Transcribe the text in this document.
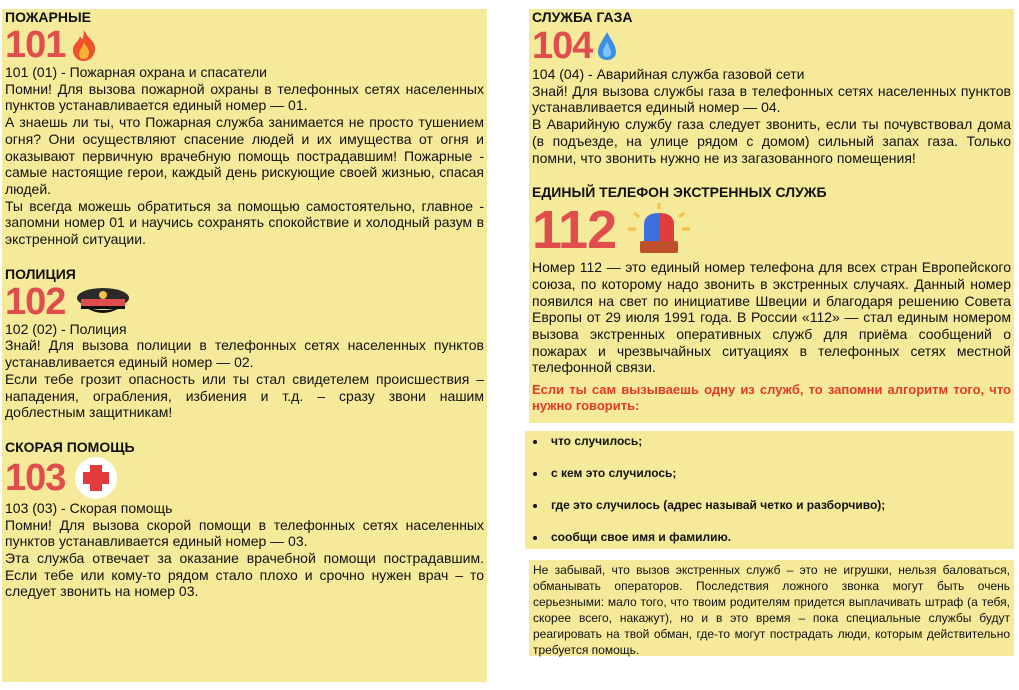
ПОЖАРНЫЕ
101

101 (01) - Пожарная охрана и спасатели

Помни! Для вызова пожарной охраны в телефонных сетях населенных пунктов устанавливается единый номер — 01.

А знаешь ли ты, что Пожарная служба занимается не просто тушением огня? Они осуществляют спасение людей и их имущества от огня и оказывают первичную врачебную помощь пострадавшим! Пожарные - самые настоящие герои, каждый день рискующие своей жизнью, спасая людей.

Ты всегда можешь обратиться за помощью самостоятельно, главное - запомни номер 01 и научись сохранять спокойствие и холодный разум в экстренной ситуации.

ПОЛИЦИЯ
102

102 (02) - Полиция

Знай! Для вызова полиции в телефонных сетях населенных пунктов устанавливается единый номер — 02.

Если тебе грозит опасность или ты стал свидетелем происшествия – нападения, ограбления, избиения и т.д. – сразу звони нашим доблестным защитникам!

СКОРАЯ ПОМОЩЬ
103

103 (03) - Скорая помощь

Помни! Для вызова скорой помощи в телефонных сетях населенных пунктов устанавливается единый номер — 03.

Эта служба отвечает за оказание врачебной помощи пострадавшим. Если тебе или кому-то рядом стало плохо и срочно нужен врач – то следует звонить на номер 03.

СЛУЖБА ГАЗА
104

104 (04) - Аварийная служба газовой сети

Знай! Для вызова службы газа в телефонных сетях населенных пунктов устанавливается единый номер — 04.

В Аварийную службу газа следует звонить, если ты почувствовал дома (в подъезде, на улице рядом с домом) сильный запах газа. Только помни, что звонить нужно не из загазованного помещения!

ЕДИНЫЙ ТЕЛЕФОН ЭКСТРЕННЫХ СЛУЖБ
112

Номер 112 — это единый номер телефона для всех стран Европейского союза, по которому надо звонить в экстренных случаях. Данный номер появился на свет по инициативе Швеции и благодаря решению Совета Европы от 29 июля 1991 года. В России «112» — стал единым номером вызова экстренных оперативных служб для приёма сообщений о пожарах и чрезвычайных ситуациях в телефонных сетях местной телефонной связи.

Если ты сам вызываешь одну из служб, то запомни алгоритм того, что нужно говорить:

• что случилось;
• с кем это случилось;
• где это случилось (адрес называй четко и разборчиво);
• сообщи свое имя и фамилию.

Не забывай, что вызов экстренных служб – это не игрушки, нельзя баловаться, обманывать операторов. Последствия ложного звонка могут быть очень серьезными: мало того, что твоим родителям придется выплачивать штраф (а тебя, скорее всего, накажут), но и в это время – пока специальные службы будут реагировать на твой обман, где-то могут пострадать люди, которым действительно требуется помощь.
